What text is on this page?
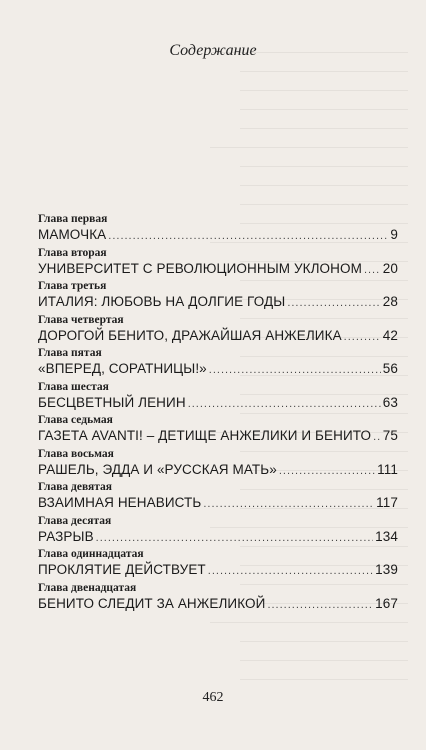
Содержание
Глава первая
МАМОЧКА .....	9
Глава вторая
УНИВЕРСИТЕТ С РЕВОЛЮЦИОННЫМ УКЛОНОМ ..... 20
Глава третья
ИТАЛИЯ: ЛЮБОВЬ НА ДОЛГИЕ ГОДЫ .....	28
Глава четвертая
ДОРОГОЙ БЕНИТО, ДРАЖАЙШАЯ АНЖЕЛИКА .....	42
Глава пятая
«ВПЕРЕД, СОРАТНИЦЫ!» .....	56
Глава шестая
БЕСЦВЕТНЫЙ ЛЕНИН .....	63
Глава седьмая
ГАЗЕТА AVANTI! – ДЕТИЩЕ АНЖЕЛИКИ И БЕНИТО ..... 75
Глава восьмая
РАШЕЛЬ, ЭДДА И «РУССКАЯ МАТЬ» .....	111
Глава девятая
ВЗАИМНАЯ НЕНАВИСТЬ .....	117
Глава десятая
РАЗРЫВ .....	134
Глава одиннадцатая
ПРОКЛЯТИЕ ДЕЙСТВУЕТ .....	139
Глава двенадцатая
БЕНИТО СЛЕДИТ ЗА АНЖЕЛИКОЙ .....	167
462
